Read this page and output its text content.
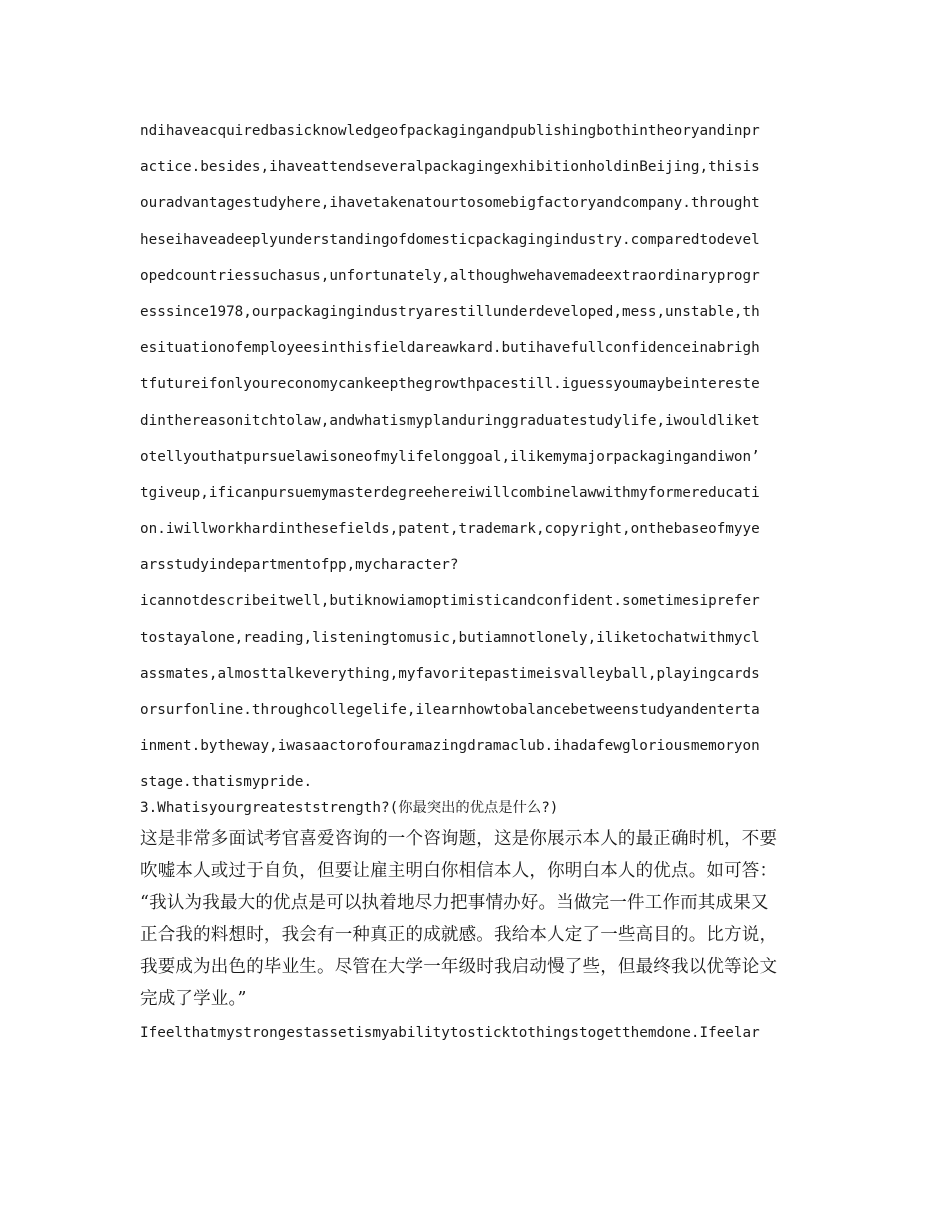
ndihaveacquiredbasicknowledgeofpackagingandpublishingbothintheoryandinpr
actice.besides,ihaveattendseveralpackagingexhibitionholdinBeijing,thisis
ouradvantagestudyhere,ihavetakenatourtosomebigfactoryandcompany.throught
heseihaveadeeplyunderstandingofdomesticpackagingindustry.comparedtodevel
opedcountriessuchasus,unfortunately,althoughwehavemadeextraordinaryprogr
esssince1978,ourpackagingindustryarestillunderdeveloped,mess,unstable,th
esituationofemployeesinthisfieldareawkard.butihavefullconfidenceinabrigh
tfutureifonlyoureconomycankeepthegrowthpacestill.iguessyoumaybeintereste
dinthereasonitchtolaw,andwhatismyplanduringgraduatestudylife,iwouldliket
otellyouthatpursuelawisoneofmylifelonggoal,ilikemymajorpackagingandiwon’
tgiveup,ificanpursuemymasterdegreehereiwillcombinelawwithmyformereducati
on.iwillworkhardinthesefields,patent,trademark,copyright,onthebaseofmyye
arsstudyindepartmentofpp,mycharacter?
icannotdescribeitwell,butiknowiamoptimisticandconfident.sometimesiprefer
tostayalone,reading,listeningtomusic,butiamnotlonely,iliketochatwithmycl
assmates,almosttalkeverything,myfavoritepastimeisvalleyball,playingcards
orsurfonline.throughcollegelife,ilearnhowtobalancebetweenstudyandenterta
inment.bytheway,iwasaactorofouramazingdramaclub.ihadafewgloriousmemoryon
stage.thatismypride.
3.Whatisyourgreateststrength?(你最突出的优点是什么?)
这是非常多面试考官喜爱咨询的一个咨询题，这是你展示本人的最正确时机，不要
吹嘘本人或过于自负，但要让雇主明白你相信本人，你明白本人的优点。如可答：
“我认为我最大的优点是可以执着地尽力把事情办好。当做完一件工作而其成果又
正合我的料想时，我会有一种真正的成就感。我给本人定了一些高目的。比方说，
我要成为出色的毕业生。尽管在大学一年级时我启动慢了些，但最终我以优等论文
完成了学业。”
Ifeelthatmystrongestassetismyabilitytosticktothingstogetthemdone.Ifeelar
